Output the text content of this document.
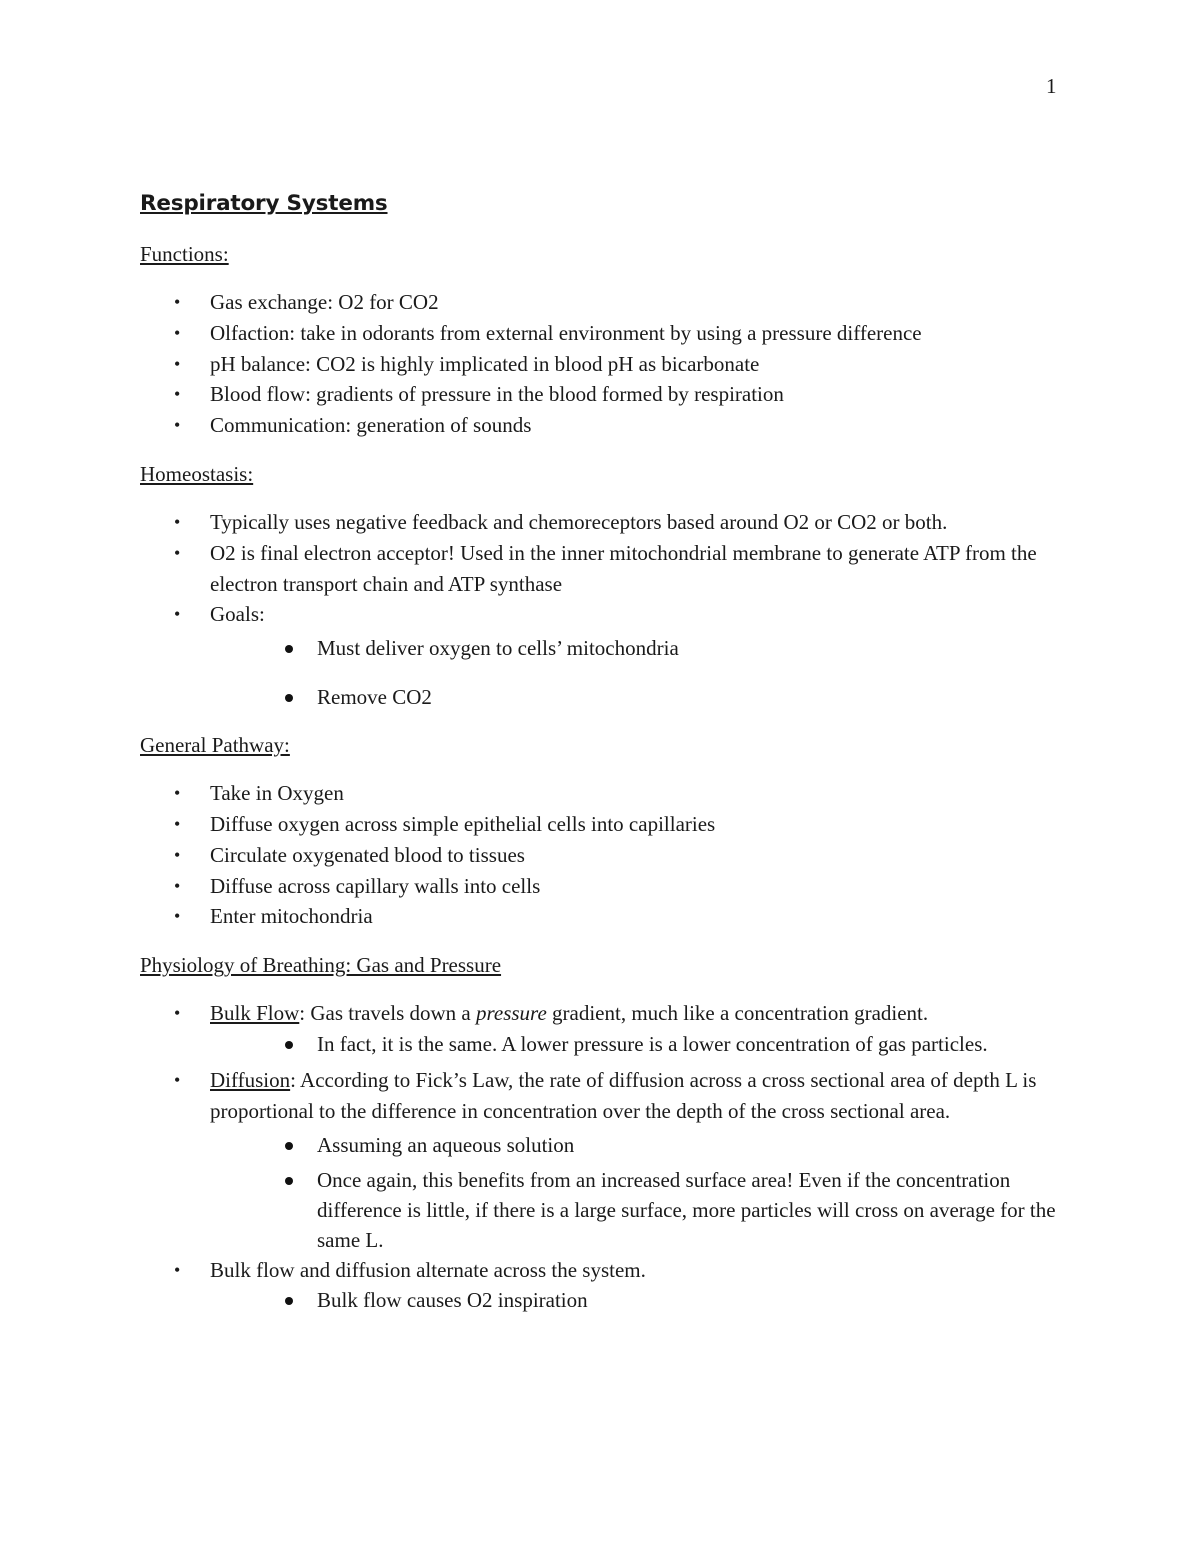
1
Respiratory Systems
Functions:
• Gas exchange: O2 for CO2
• Olfaction: take in odorants from external environment by using a pressure difference
• pH balance: CO2 is highly implicated in blood pH as bicarbonate
• Blood flow: gradients of pressure in the blood formed by respiration
• Communication: generation of sounds
Homeostasis:
• Typically uses negative feedback and chemoreceptors based around O2 or CO2 or both.
• O2 is final electron acceptor! Used in the inner mitochondrial membrane to generate ATP from the electron transport chain and ATP synthase
• Goals:
Must deliver oxygen to cells’ mitochondria
Remove CO2
General Pathway:
• Take in Oxygen
• Diffuse oxygen across simple epithelial cells into capillaries
• Circulate oxygenated blood to tissues
• Diffuse across capillary walls into cells
• Enter mitochondria
Physiology of Breathing: Gas and Pressure
• Bulk Flow: Gas travels down a pressure gradient, much like a concentration gradient.
In fact, it is the same. A lower pressure is a lower concentration of gas particles.
• Diffusion: According to Fick’s Law, the rate of diffusion across a cross sectional area of depth L is proportional to the difference in concentration over the depth of the cross sectional area.
Assuming an aqueous solution
Once again, this benefits from an increased surface area! Even if the concentration difference is little, if there is a large surface, more particles will cross on average for the same L.
• Bulk flow and diffusion alternate across the system.
Bulk flow causes O2 inspiration
